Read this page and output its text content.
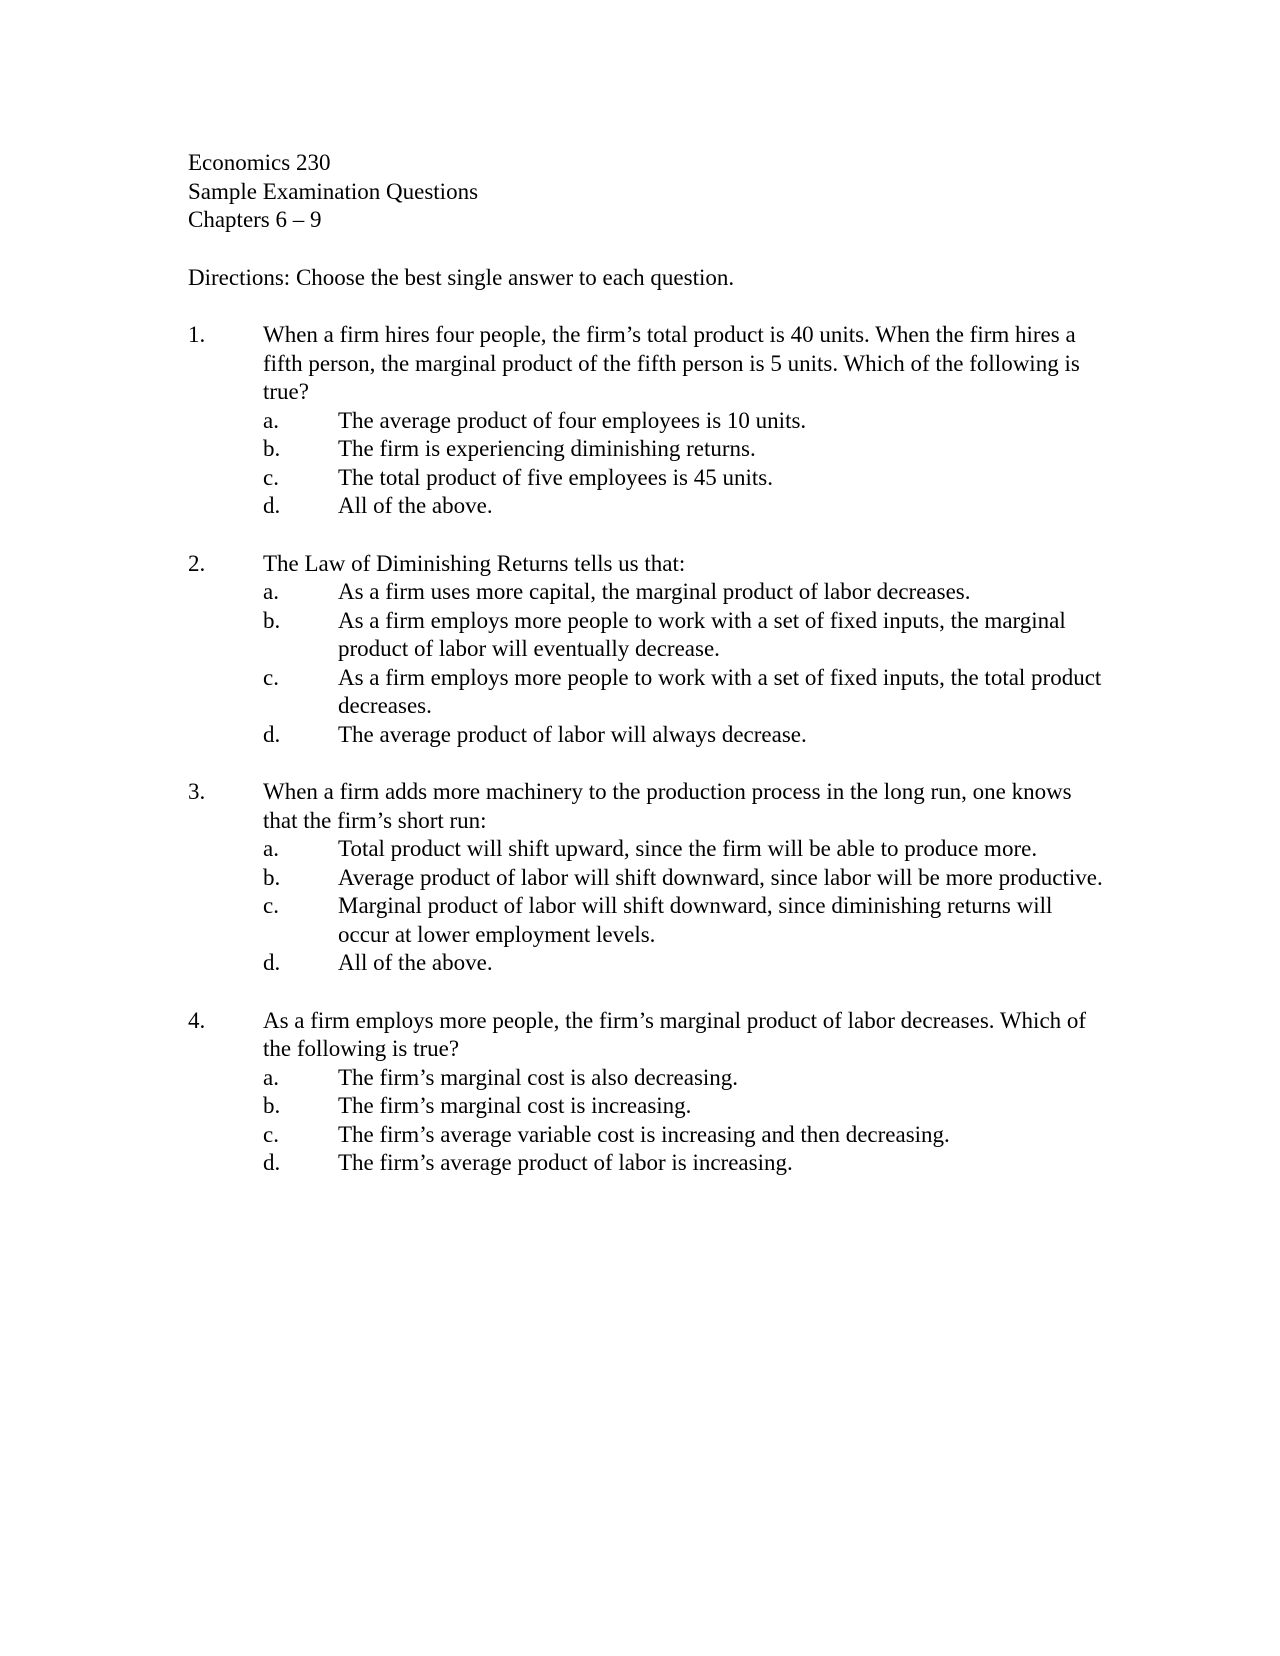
Economics 230
Sample Examination Questions
Chapters 6 – 9
Directions: Choose the best single answer to each question.
1.	When a firm hires four people, the firm’s total product is 40 units. When the firm hires a fifth person, the marginal product of the fifth person is 5 units. Which of the following is true?
a.	The average product of four employees is 10 units.
b.	The firm is experiencing diminishing returns.
c.	The total product of five employees is 45 units.
d.	All of the above.
2.	The Law of Diminishing Returns tells us that:
a.	As a firm uses more capital, the marginal product of labor decreases.
b.	As a firm employs more people to work with a set of fixed inputs, the marginal product of labor will eventually decrease.
c.	As a firm employs more people to work with a set of fixed inputs, the total product decreases.
d.	The average product of labor will always decrease.
3.	When a firm adds more machinery to the production process in the long run, one knows that the firm’s short run:
a.	Total product will shift upward, since the firm will be able to produce more.
b.	Average product of labor will shift downward, since labor will be more productive.
c.	Marginal product of labor will shift downward, since diminishing returns will occur at lower employment levels.
d.	All of the above.
4.	As a firm employs more people, the firm’s marginal product of labor decreases. Which of the following is true?
a.	The firm’s marginal cost is also decreasing.
b.	The firm’s marginal cost is increasing.
c.	The firm’s average variable cost is increasing and then decreasing.
d.	The firm’s average product of labor is increasing.
